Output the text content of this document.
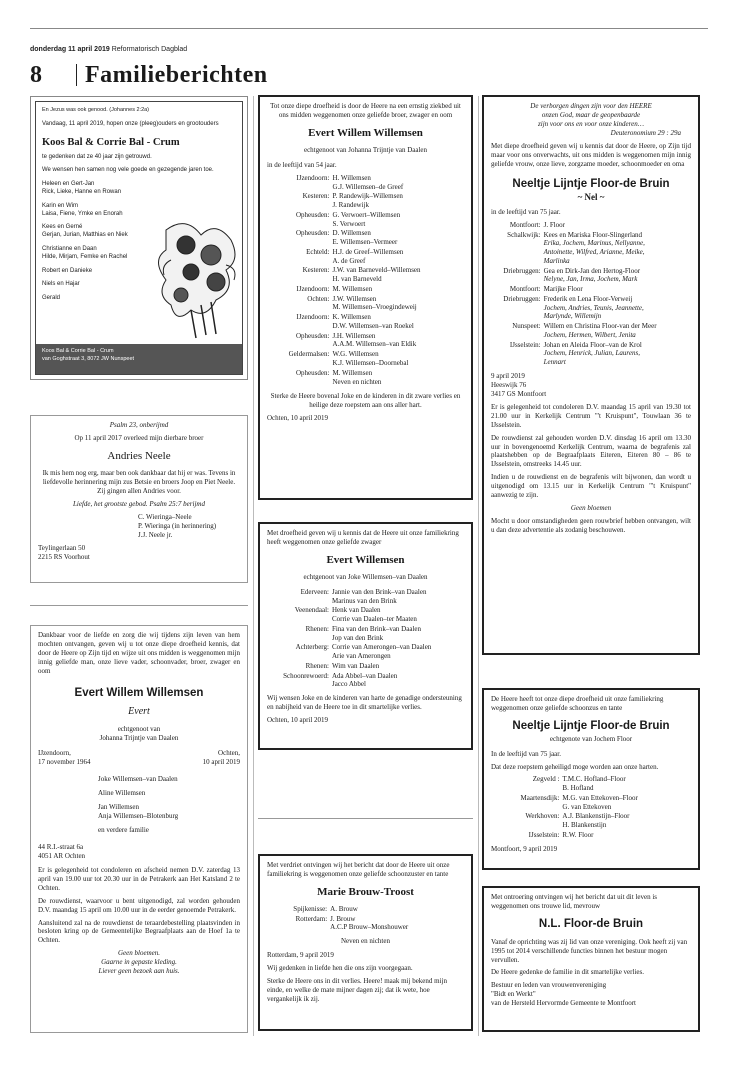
donderdag 11 april 2019 Reformatorisch Dagblad
8	Familieberichten
En Jezus was ook genood. (Johannes 2:2a)
Vandaag, 11 april 2019, hopen onze (pleeg)ouders en grootouders
Koos Bal & Corrie Bal - Crum
te gedenken dat ze 40 jaar zijn getrouwd.
We wensen hen samen nog vele goede en gezegende jaren toe.
Heleen en Gert-Jan
Rick, Lieke, Hanne en Rowan
Karin en Wim
Laisa, Fiene, Ymke en Enorah
Kees en Gerné
Gerjan, Jurian, Matthias en Niek
Christianne en Daan
Hilde, Mirjam, Femke en Rachel
Robert en Danieke
Niels en Hajar
Gerald
Koos Bal & Corrie Bal - Crum
van Goghstraat 3, 8072 JW Nunspeet

Psalm 23, onberijmd

Op 11 april 2017 overleed mijn dierbare broer

Andries Neele

Ik mis hem nog erg, maar ben ook dankbaar dat hij er was. Tevens in liefdevolle herinnering mijn zus Betsie en broers Joop en Piet Neele. Zij gingen allen Andries voor.

Liefde, het grootste gebod. Psalm 25:7 berijmd

C. Wieringa–Neele
P. Wieringa (in herinnering)
J.J. Neele jr.
Teylingerlaan 50
2215 RS Voorhout

Dankbaar voor de liefde en zorg die wij tijdens zijn leven van hem mochten ontvangen, geven wij u tot onze diepe droefheid kennis, dat door de Heere op Zijn tijd en wijze uit ons midden is weggenomen mijn innig geliefde man, onze lieve vader, schoonvader, broer, zwager en oom

Evert Willem Willemsen
Evert
echtgenoot van
Johanna Trijntje van Daalen
IJzendoorn,
17 november 1964
Ochten,
10 april 2019
Joke Willemsen–van Daalen
Aline Willemsen
Jan Willemsen
Anja Willemsen–Blotenburg
en verdere familie
44 R.I.-straat 6a
4051 AR Ochten

Er is gelegenheid tot condoleren en afscheid nemen D.V. zaterdag 13 april van 19.00 uur tot 20.30 uur in de Petrakerk aan Het Katsland 2 te Ochten.

De rouwdienst, waarvoor u bent uitgenodigd, zal worden gehouden D.V. maandag 15 april om 10.00 uur in de eerder genoemde Petrakerk.

Aansluitend zal na de rouwdienst de teraardebestelling plaatsvinden in besloten kring op de Gemeentelijke Begraafplaats aan de Hoef 1a te Ochten.

Geen bloemen.
Gaarne in gepaste kleding.
Liever geen bezoek aan huis.

Tot onze diepe droefheid is door de Heere na een ernstig ziekbed uit ons midden weggenomen onze geliefde broer, zwager en oom

Evert Willem Willemsen
echtgenoot van Johanna Trijntje van Daalen

in de leeftijd van 54 jaar.

IJzendoorn:	H. Willemsen
G.J. Willemsen–de Greef

Kesteren:	P. Randewijk–Willemsen
J. Randewijk

Opheusden:	G. Verwoert–Willemsen
S. Verwoert

Opheusden:	D. Willemsen
E. Willemsen–Vermeer

Echteld:	H.J. de Greef–Willemsen
A. de Greef

Kesteren:	J.W. van Barneveld–Willemsen
H. van Barneveld

IJzendoorn:	M. Willemsen

Ochten:	J.W. Willemsen
M. Willemsen–Vroegindeweij

IJzendoorn:	K. Willemsen
D.W. Willemsen–van Roekel

Opheusden:	J.H. Willemsen
A.A.M. Willemsen–van Eldik

Geldermalsen:	W.G. Willemsen
K.J. Willemsen–Doornebal

Opheusden:	M. Willemsen

	Neven en nichten

Sterke de Heere bovenal Joke en de kinderen in dit zware verlies en heilige deze roepstem aan ons aller hart.

Ochten, 10 april 2019

Met droefheid geven wij u kennis dat de Heere uit onze familiekring heeft weggenomen onze geliefde zwager

Evert Willemsen
echtgenoot van Joke Willemsen–van Daalen
Ederveen:	Jannie van den Brink–van Daalen
Marinus van den Brink

Veenendaal:	Henk van Daalen
Corrie van Daalen–ter Maaten

Rhenen:	Fina van den Brink–van Daalen
Jop van den Brink

Achterberg:	Corrie van Amerongen–van Daalen
Arie van Amerongen

Rhenen:	Wim van Daalen

Schoonrewoerd:	Ada Abbel–van Daalen
Jacco Abbel

Wij wensen Joke en de kinderen van harte de genadige ondersteuning en nabijheid van de Heere toe in dit smartelijke verlies.

Ochten, 10 april 2019

Met verdriet ontvingen wij het bericht dat door de Heere uit onze familiekring is weggenomen onze geliefde schoonzuster en tante

Marie Brouw-Troost
Spijkenisse:	A. Brouw

Rotterdam:	J. Brouw
A.C.P Brouw–Monshouwer
Neven en nichten

Rotterdam, 9 april 2019

Wij gedenken in liefde hen die ons zijn voorgegaan.

Sterke de Heere ons in dit verlies. Heere! maak mij bekend mijn einde, en welke de mate mijner dagen zij; dat ik wete, hoe vergankelijk ik zij.

De verborgen dingen zijn voor den HEERE
onzen God, maar de geopenbaarde
zijn voor ons en voor onze kinderen…

Deuteronomium 29 : 29a

Met diepe droefheid geven wij u kennis dat door de Heere, op Zijn tijd maar voor ons onverwachts, uit ons midden is weggenomen mijn innig geliefde vrouw, onze lieve, zorgzame moeder, schoonmoeder en oma

Neeltje Lijntje Floor-de Bruin
~ Nel ~

in de leeftijd van 75 jaar.

Montfoort:	J. Floor

Schalkwijk:	Kees en Mariska Floor-Slingerland
Erika, Jochem, Marinus, Nellyanne,
Antoinette, Wilfred, Arianne, Meike,
Marlinka

Driebruggen:	Gea en Dirk-Jan den Hertog-Floor
Nelyne, Jan, Irma, Jochem, Mark

Montfoort:	Marijke Floor

Driebruggen:	Frederik en Lena Floor-Verweij
Jochem, Andries, Teunis, Jeannette,
Marlynde, Willemijn

Nunspeet:	Willem en Christina Floor-van der Meer
Jochem, Hermen, Wilbert, Jenita

IJsselstein:	Johan en Aleida Floor–van de Krol
Jochem, Henrick, Julian, Laurens,
Lennart
9 april 2019
Heeswijk 76
3417 GS Montfoort

Er is gelegenheid tot condoleren D.V. maandag 15 april van 19.30 tot 21.00 uur in Kerkelijk Centrum "'t Kruispunt", Touwlaan 36 te IJsselstein.

De rouwdienst zal gehouden worden D.V. dinsdag 16 april om 13.30 uur in bovengenoemd Kerkelijk Centrum, waarna de begrafenis zal plaatshebben op de Begraafplaats Eiteren, Eiteren 80 – 86 te IJsselstein, omstreeks 14.45 uur.

Indien u de rouwdienst en de begrafenis wilt bijwonen, dan wordt u uitgenodigd om 13.15 uur in Kerkelijk Centrum "'t Kruispunt" aanwezig te zijn.

Geen bloemen

Mocht u door omstandigheden geen rouwbrief hebben ontvangen, wilt u dan deze advertentie als zodanig beschouwen.

De Heere heeft tot onze diepe droefheid uit onze familiekring weggenomen onze geliefde schoonzus en tante

Neeltje Lijntje Floor-de Bruin
echtgenote van Jochem Floor

In de leeftijd van 75 jaar.

Dat deze roepstem geheiligd moge worden aan onze harten.

Zegveld :	T.M.C. Hofland–Floor
B. Hofland

Maartensdijk:	M.G. van Ettekoven–Floor
G. van Ettekoven

Werkhoven:	A.J. Blankenstijn–Floor
H. Blankenstijn

IJsselstein:	R.W. Floor

Montfoort, 9 april 2019

Met ontroering ontvingen wij het bericht dat uit dit leven is weggenomen ons trouwe lid, mevrouw

N.L. Floor-de Bruin

Vanaf de oprichting was zij lid van onze vereniging. Ook heeft zij van 1995 tot 2014 verschillende functies binnen het bestuur mogen vervullen.

De Heere gedenke de familie in dit smartelijke verlies.

Bestuur en leden van vrouwenvereniging
"Bidt en Werkt"
van de Hersteld Hervormde Gemeente te Montfoort
